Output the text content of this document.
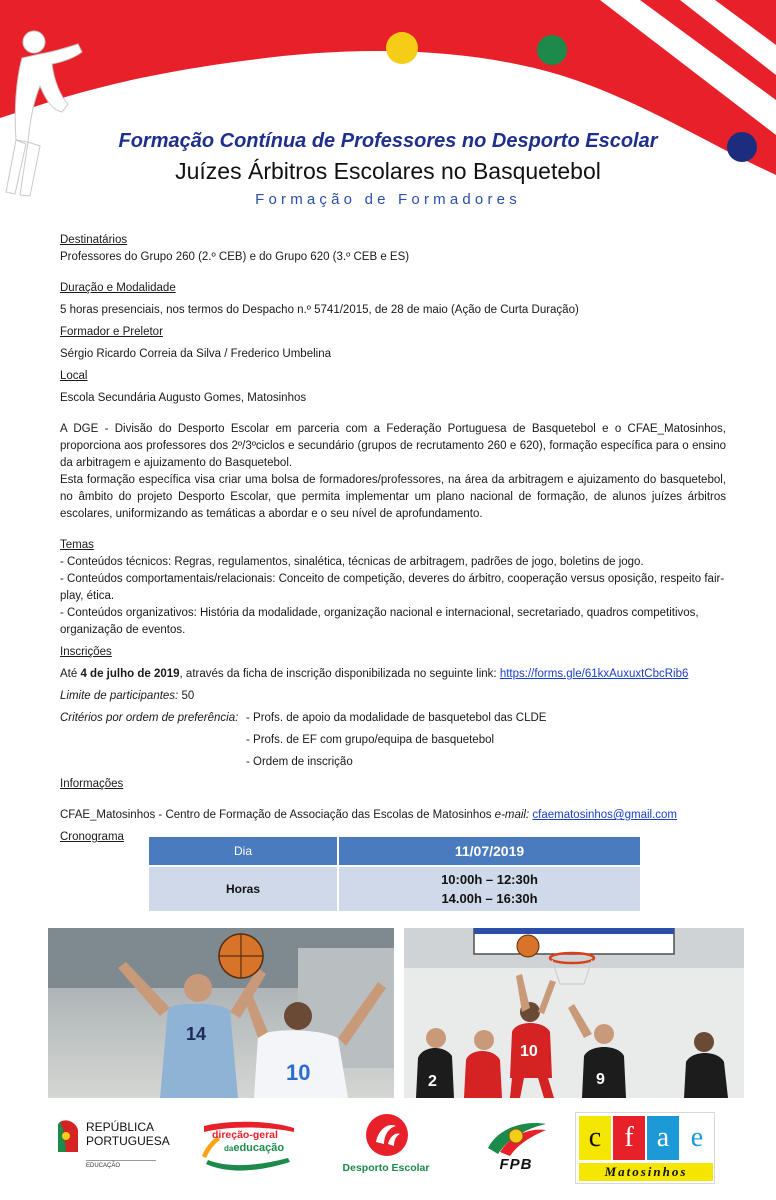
Formação Contínua de Professores no Desporto Escolar
Juízes Árbitros Escolares no Basquetebol
Formação de Formadores
Destinatários
Professores do Grupo 260 (2.º CEB) e do Grupo 620 (3.º CEB e ES)
Duração e Modalidade
5 horas presenciais, nos termos do Despacho n.º 5741/2015, de 28 de maio (Ação de Curta Duração)
Formador e Preletor
Sérgio Ricardo Correia da Silva / Frederico Umbelina
Local
Escola Secundária Augusto Gomes, Matosinhos
A DGE - Divisão do Desporto Escolar em parceria com a Federação Portuguesa de Basquetebol e o CFAE_Matosinhos, proporciona aos professores dos 2º/3ºciclos e secundário (grupos de recrutamento 260 e 620), formação específica para o ensino da arbitragem e ajuizamento do Basquetebol.
Esta formação específica visa criar uma bolsa de formadores/professores, na área da arbitragem e ajuizamento do basquetebol, no âmbito do projeto Desporto Escolar, que permita implementar um plano nacional de formação, de alunos juízes árbitros escolares, uniformizando as temáticas a abordar e o seu nível de aprofundamento.
Temas
- Conteúdos técnicos: Regras, regulamentos, sinalética, técnicas de arbitragem, padrões de jogo, boletins de jogo.
- Conteúdos comportamentais/relacionais: Conceito de competição, deveres do árbitro, cooperação versus oposição, respeito fair-play, ética.
- Conteúdos organizativos: História da modalidade, organização nacional e internacional, secretariado, quadros competitivos, organização de eventos.
Inscrições
Até 4 de julho de 2019, através da ficha de inscrição disponibilizada no seguinte link: https://forms.gle/61kxAuxuxtCbcRib6
Limite de participantes: 50
Critérios por ordem de preferência: - Profs. de apoio da modalidade de basquetebol das CLDE
- Profs. de EF com grupo/equipa de basquetebol
- Ordem de inscrição
Informações
CFAE_Matosinhos - Centro de Formação de Associação das Escolas de Matosinhos e-mail: cfaematosinhos@gmail.com
Cronograma
Dia	11/07/2019
Horas	10:00h – 12:30h
14.00h – 16:30h
14
10	2
10
9
REPÚBLICA
PORTUGUESA
EDUCAÇÃO
direção-geral
daeducação
Desporto Escolar	FPB
c f a e
Matosinhos
